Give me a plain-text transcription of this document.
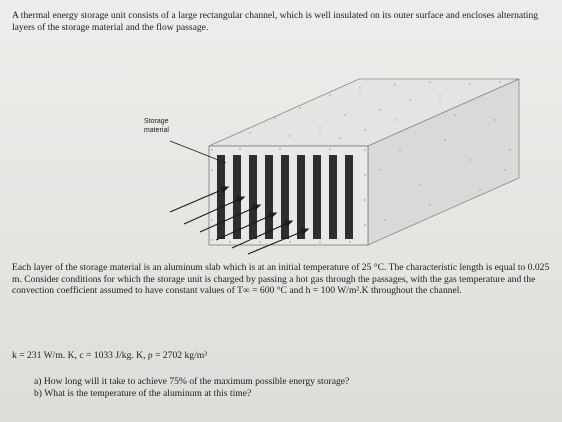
A thermal energy storage unit consists of a large rectangular channel, which is well insulated on its outer surface and encloses alternating layers of the storage material and the flow passage.
Storage
material
Each layer of the storage material is an aluminum slab which is at an initial temperature of 25 °C. The characteristic length is equal to 0.025 m. Consider conditions for which the storage unit is charged by passing a hot gas through the passages, with the gas temperature and the convection coefficient assumed to have constant values of T∞ = 600 °C and h = 100 W/m².K throughout the channel.
k = 231 W/m. K, c = 1033 J/kg. K, ρ = 2702 kg/m³
a) How long will it take to achieve 75% of the maximum possible energy storage?
b) What is the temperature of the aluminum at this time?
